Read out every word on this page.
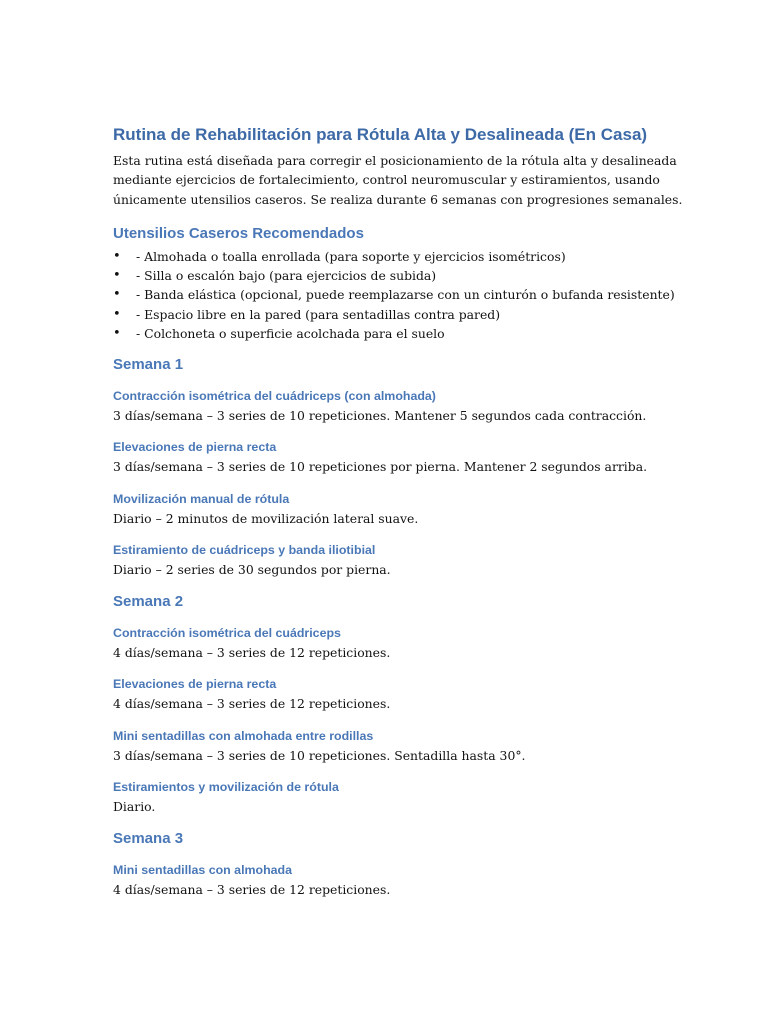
Rutina de Rehabilitación para Rótula Alta y Desalineada (En Casa)

Esta rutina está diseñada para corregir el posicionamiento de la rótula alta y desalineada

mediante ejercicios de fortalecimiento, control neuromuscular y estiramientos, usando

únicamente utensilios caseros. Se realiza durante 6 semanas con progresiones semanales.

Utensilios Caseros Recomendados
• - Almohada o toalla enrollada (para soporte y ejercicios isométricos)
• - Silla o escalón bajo (para ejercicios de subida)
• - Banda elástica (opcional, puede reemplazarse con un cinturón o bufanda resistente)
• - Espacio libre en la pared (para sentadillas contra pared)
• - Colchoneta o superficie acolchada para el suelo
Semana 1
Contracción isométrica del cuádriceps (con almohada)

3 días/semana – 3 series de 10 repeticiones. Mantener 5 segundos cada contracción.

Elevaciones de pierna recta

3 días/semana – 3 series de 10 repeticiones por pierna. Mantener 2 segundos arriba.

Movilización manual de rótula

Diario – 2 minutos de movilización lateral suave.

Estiramiento de cuádriceps y banda iliotibial

Diario – 2 series de 30 segundos por pierna.

Semana 2
Contracción isométrica del cuádriceps

4 días/semana – 3 series de 12 repeticiones.

Elevaciones de pierna recta

4 días/semana – 3 series de 12 repeticiones.

Mini sentadillas con almohada entre rodillas

3 días/semana – 3 series de 10 repeticiones. Sentadilla hasta 30°.

Estiramientos y movilización de rótula

Diario.

Semana 3
Mini sentadillas con almohada

4 días/semana – 3 series de 12 repeticiones.
